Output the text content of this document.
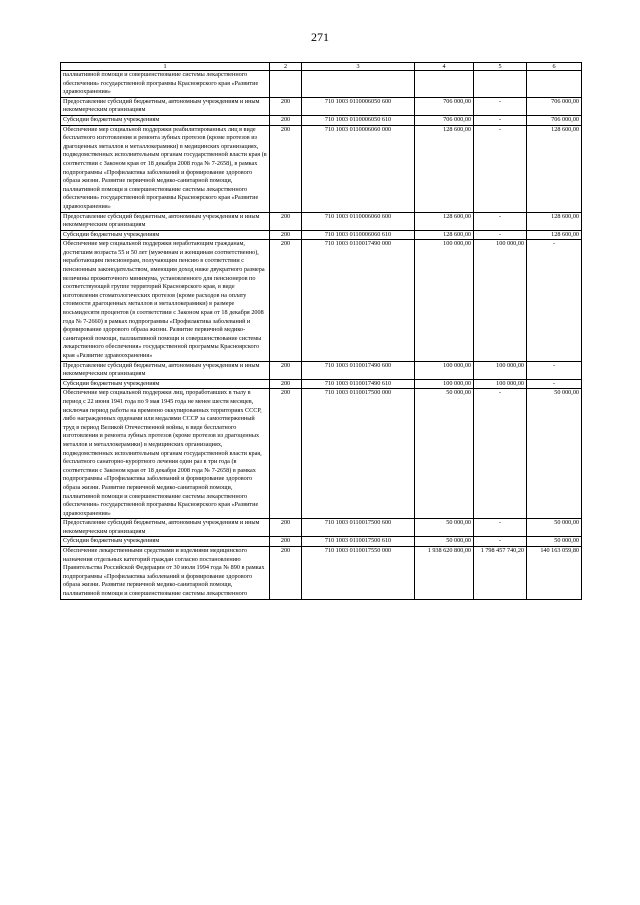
271
1	2	3	4	5	6
паллиативной помощи и совершенствование системы лекарственного обеспечения» государственной программы Красноярского края «Развитие здравоохранения»					
Предоставление субсидий бюджетным, автономным учреждениям и иным некоммерческим организациям	200	710 1003 0110006050 600	706 000,00	-	706 000,00
Субсидии бюджетным учреждениям	200	710 1003 0110006050 610	706 000,00	-	706 000,00
Обеспечение мер социальной поддержки реабилитированных лиц в виде бесплатного изготовления и ремонта зубных протезов (кроме протезов из драгоценных металлов и металлокерамики) в медицинских организациях, подведомственных исполнительным органам государственной власти края (в соответствии с Законом края от 18 декабря 2008 года № 7-2658), в рамках подпрограммы «Профилактика заболеваний и формирование здорового образа жизни. Развитие первичной медико-санитарной помощи, паллиативной помощи и совершенствование системы лекарственного обеспечения» государственной программы Красноярского края «Развитие здравоохранения»	200	710 1003 0110006060 000	128 600,00	-	128 600,00
Предоставление субсидий бюджетным, автономным учреждениям и иным некоммерческим организациям	200	710 1003 0110006060 600	128 600,00	-	128 600,00
Субсидии бюджетным учреждениям	200	710 1003 0110006060 610	128 600,00	-	128 600,00
Обеспечение мер социальной поддержки неработающим гражданам, достигшим возраста 55 и 50 лет (мужчинам и женщинам соответственно), неработающим пенсионерам, получающим пенсию в соответствии с пенсионным законодательством, имеющим доход ниже двукратного размера величины прожиточного минимума, установленного для пенсионеров по соответствующей группе территорий Красноярского края, в виде изготовления стоматологических протезов (кроме расходов на оплату стоимости драгоценных металлов и металлокерамики) в размере восьмидесяти процентов (в соответствии с Законом края от 18 декабря 2008 года № 7-2660) в рамках подпрограммы «Профилактика заболеваний и формирование здорового образа жизни. Развитие первичной медико-санитарной помощи, паллиативной помощи и совершенствование системы лекарственного обеспечения» государственной программы Красноярского края «Развитие здравоохранения»	200	710 1003 0110017490 000	100 000,00	100 000,00	-
Предоставление субсидий бюджетным, автономным учреждениям и иным некоммерческим организациям	200	710 1003 0110017490 600	100 000,00	100 000,00	-
Субсидии бюджетным учреждениям	200	710 1003 0110017490 610	100 000,00	100 000,00	-
Обеспечение мер социальной поддержки лиц, проработавших в тылу в период с 22 июня 1941 года по 9 мая 1945 года не менее шести месяцев, исключая период работы на временно оккупированных территориях СССР, либо награжденных орденами или медалями СССР за самоотверженный труд в период Великой Отечественной войны, в виде бесплатного изготовления и ремонта зубных протезов (кроме протезов из драгоценных металлов и металлокерамики) в медицинских организациях, подведомственных исполнительным органам государственной власти края, бесплатного санаторно-курортного лечения один раз в три года (в соответствии с Законом края от 18 декабря 2008 года № 7-2658) в рамках подпрограммы «Профилактика заболеваний и формирование здорового образа жизни. Развитие первичной медико-санитарной помощи, паллиативной помощи и совершенствование системы лекарственного обеспечения» государственной программы Красноярского края «Развитие здравоохранения»	200	710 1003 0110017500 000	50 000,00	-	50 000,00
Предоставление субсидий бюджетным, автономным учреждениям и иным некоммерческим организациям	200	710 1003 0110017500 600	50 000,00	-	50 000,00
Субсидии бюджетным учреждениям	200	710 1003 0110017500 610	50 000,00	-	50 000,00
Обеспечение лекарственными средствами и изделиями медицинского назначения отдельных категорий граждан согласно постановлению Правительства Российской Федерации от 30 июля 1994 года № 890 в рамках подпрограммы «Профилактика заболеваний и формирование здорового образа жизни. Развитие первичной медико-санитарной помощи, паллиативной помощи и совершенствование системы лекарственного	200	710 1003 0110017550 000	1 938 620 800,00	1 798 457 740,20	140 163 059,80
